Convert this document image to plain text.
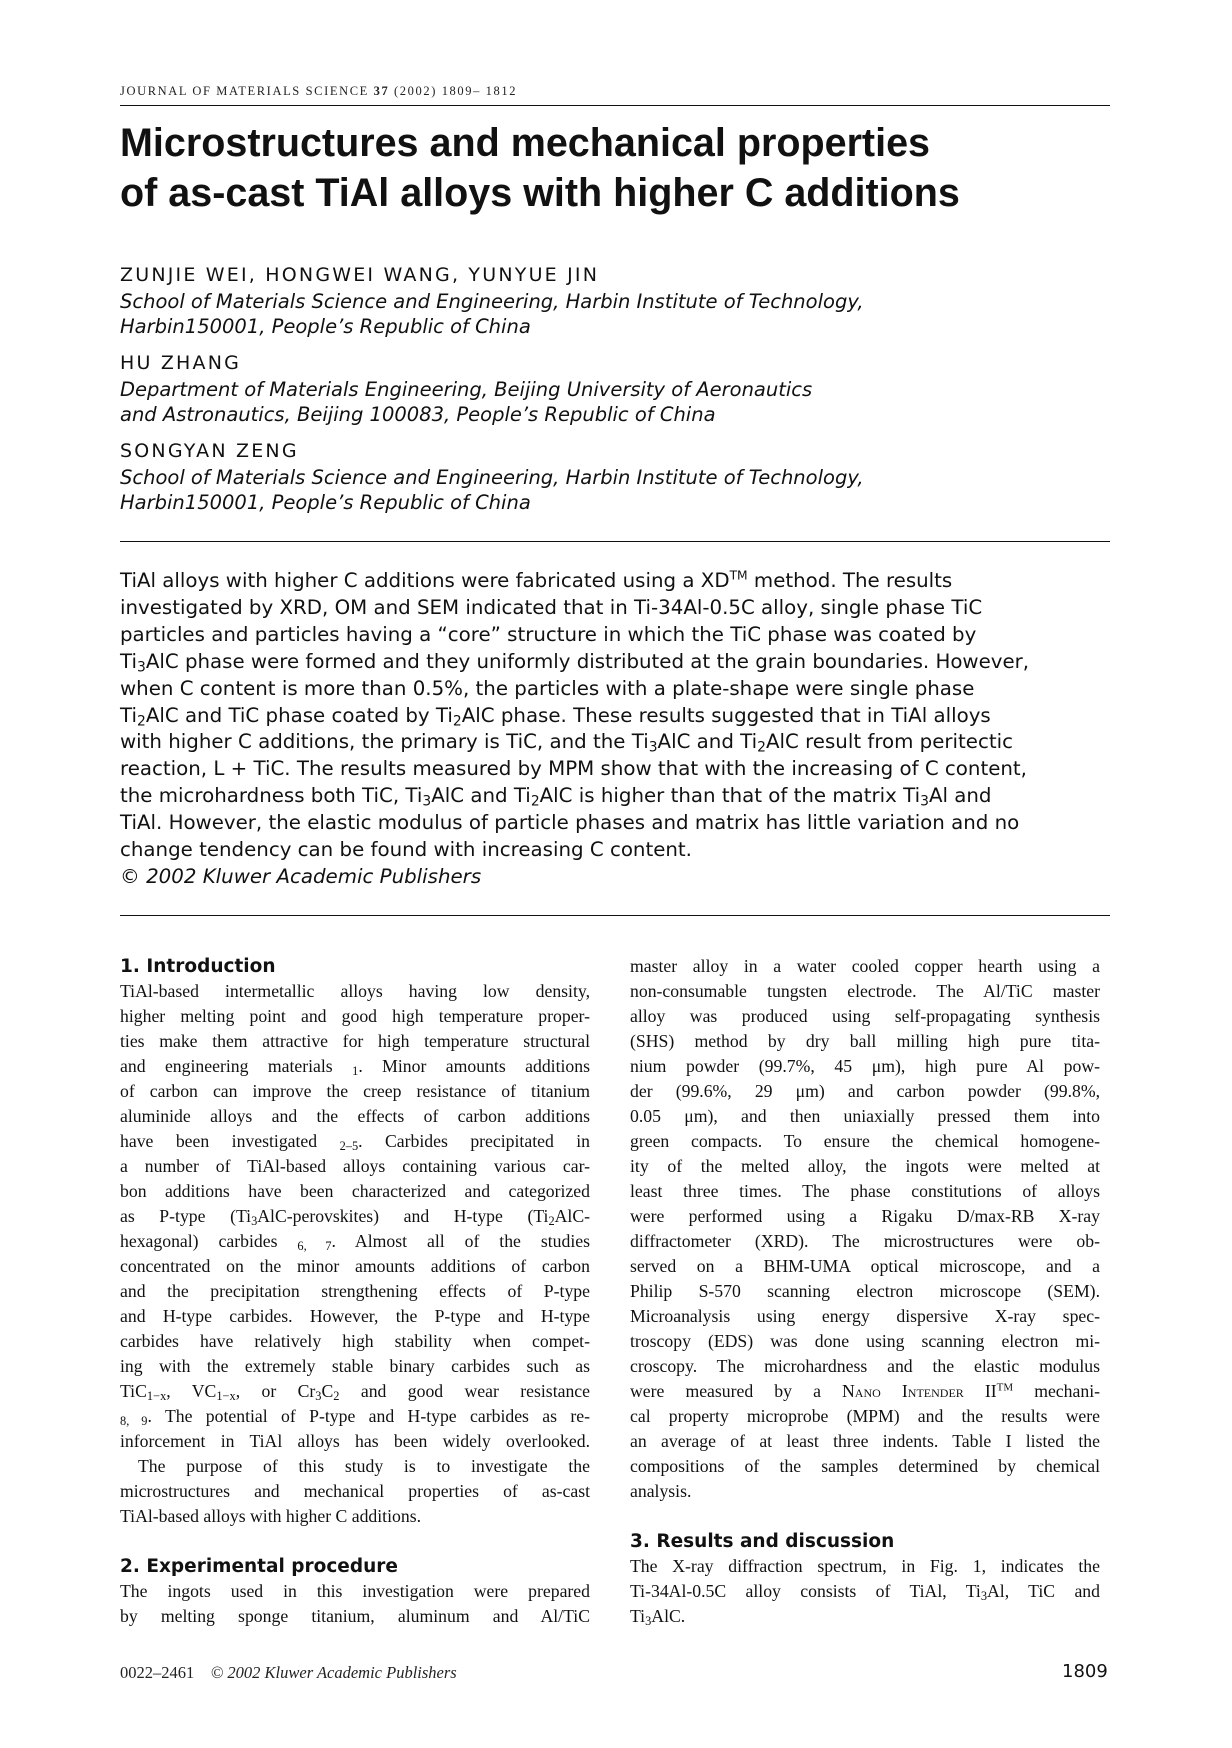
JOURNAL OF MATERIALS SCIENCE 37 (2002) 1809– 1812
Microstructures and mechanical properties
of as-cast TiAl alloys with higher C additions
ZUNJIE WEI, HONGWEI WANG, YUNYUE JIN
School of Materials Science and Engineering, Harbin Institute of Technology,
Harbin150001, People’s Republic of China
HU ZHANG
Department of Materials Engineering, Beijing University of Aeronautics
and Astronautics, Beijing 100083, People’s Republic of China
SONGYAN ZENG
School of Materials Science and Engineering, Harbin Institute of Technology,
Harbin150001, People’s Republic of China
TiAl alloys with higher C additions were fabricated using a XD™ method. The results
investigated by XRD, OM and SEM indicated that in Ti-34Al-0.5C alloy, single phase TiC
particles and particles having a “core” structure in which the TiC phase was coated by
$Ti_3AlC$ phase were formed and they uniformly distributed at the grain boundaries. However,
when C content is more than 0.5%, the particles with a plate-shape were single phase
$Ti_2AlC$ and TiC phase coated by $Ti_2AlC$ phase. These results suggested that in TiAl alloys
with higher C additions, the primary is TiC, and the $Ti_3AlC$ and $Ti_2AlC$ result from peritectic
reaction, L + TiC. The results measured by MPM show that with the increasing of C content,
the microhardness both TiC, $Ti_3AlC$ and $Ti_2AlC$ is higher than that of the matrix $Ti_3Al$ and
TiAl. However, the elastic modulus of particle phases and matrix has little variation and no
change tendency can be found with increasing C content.
© 2002 Kluwer Academic Publishers
1. Introduction
TiAl-based intermetallic alloys having low density,
higher melting point and good high temperature proper-
ties make them attractive for high temperature structural
and engineering materials $_1$. Minor amounts additions
of carbon can improve the creep resistance of titanium
aluminide alloys and the effects of carbon additions
have been investigated $_{2-5}$. Carbides precipitated in
a number of TiAl-based alloys containing various car-
bon additions have been characterized and categorized
as P-type $(Ti_3AlC-perovskites)$ and H-type ($Ti_2AlC-$
hexagonal) carbides $_{6, 7}$. Almost all of the studies
concentrated on the minor amounts additions of carbon
and the precipitation strengthening effects of P-type
and H-type carbides. However, the P-type and H-type
carbides have relatively high stability when compet-
ing with the extremely stable binary carbides such as
TiC$_{1-x}$, $VC_{1-x}$, or $Cr_3C_2$ and good wear resistance
$_{8, 9}$. The potential of P-type and H-type carbides as re-
inforcement in TiAl alloys has been widely overlooked.
The purpose of this study is to investigate the
microstructures and mechanical properties of as-cast
TiAl-based alloys with higher C additions.
2. Experimental procedure
The ingots used in this investigation were prepared
by melting sponge titanium, aluminum and Al/TiC
master alloy in a water cooled copper hearth using a
non-consumable tungsten electrode. The Al/TiC master
alloy was produced using self-propagating synthesis
(SHS) method by dry ball milling high pure tita-
nium powder (99.7%, 45 μm), high pure Al pow-
der (99.6%, 29 μm) and carbon powder (99.8%,
0.05 μm), and then uniaxially pressed them into
green compacts. To ensure the chemical homogene-
ity of the melted alloy, the ingots were melted at
least three times. The phase constitutions of alloys
were performed using a Rigaku D/max-RB X-ray
diffractometer (XRD). The microstructures were ob-
served on a BHM-UMA optical microscope, and a
Philip S-570 scanning electron microscope (SEM).
Microanalysis using energy dispersive X-ray spec-
troscopy (EDS) was done using scanning electron mi-
croscopy. The microhardness and the elastic modulus
were measured by a Nano Intender II™ mechani-
cal property microprobe (MPM) and the results were
an average of at least three indents. Table I listed the
compositions of the samples determined by chemical
analysis.
3. Results and discussion
The X-ray diffraction spectrum, in Fig. 1, indicates the
Ti-34Al-0.5C alloy consists of TiAl, $Ti_3Al$, TiC and
$Ti_3AlC$.
0022–2461 © 2002 Kluwer Academic Publishers	1809
